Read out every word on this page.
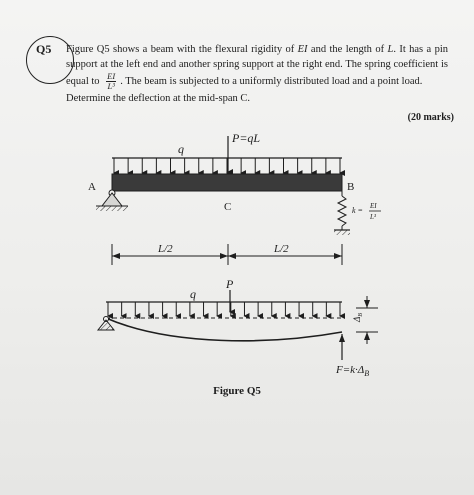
Q5 Figure Q5 shows a beam with the flexural rigidity of EI and the length of L. It has a pin support at the left end and another spring support at the right end. The spring coefficient is equal to $\frac{EI}{\text{L³}}$ . The beam is subjected to a uniformly distributed load and a point load.
Determine the deflection at the mid-span C.
(20 marks)
P=qL
q
A	B
C	k = EI
L³
L/2	L/2
q
P
$\Delta_B$
$F=k\cdot\Delta_B$
Figure Q5
